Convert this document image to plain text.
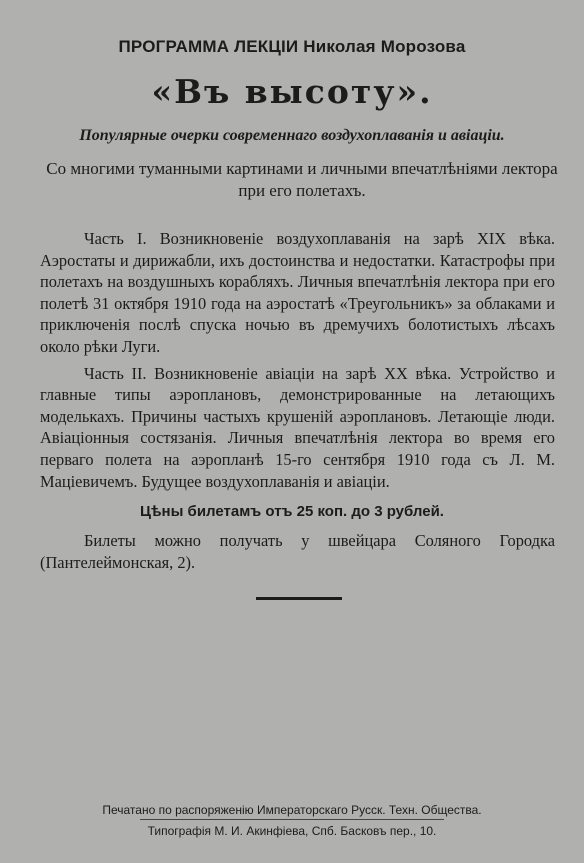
ПРОГРАММА ЛЕКЦIИ Николая Морозова
«Въ высоту».
Популярные очерки современнаго воздухоплаванія и авіаціи.
Со многими туманными картинами и личными впечатлѣніями лектора при его полетахъ.

Часть I. Возникновеніе воздухоплаванія на зарѣ XIX вѣка. Аэростаты и дирижабли, ихъ достоинства и недостатки. Катастрофы при полетахъ на воздушныхъ корабляхъ. Личныя впечатлѣнія лектора при его полетѣ 31 октября 1910 года на аэростатѣ «Треугольникъ» за облаками и приключенія послѣ спуска ночью въ дремучихъ болотистыхъ лѣсахъ около рѣки Луги.

Часть II. Возникновеніе авіаціи на зарѣ XX вѣка. Устройство и главные типы аэроплановъ, демонстрированные на летающихъ моделькахъ. Причины частыхъ крушеній аэроплановъ. Летающіе люди. Авіаціонныя состязанія. Личныя впечатлѣнія лектора во время его перваго полета на аэропланѣ 15-го сентября 1910 года съ Л. М. Мацiевичемъ. Будущее воздухоплаванія и авіаціи.

Цѣны билетамъ отъ 25 коп. до 3 рублей.

Билеты можно получать у швейцара Соляного Городка (Пантелеймонская, 2).

Печатано по распоряженію Императорскаго Русск. Техн. Общества.
Типографія М. И. Акинфіева, Спб. Басковъ пер., 10.
